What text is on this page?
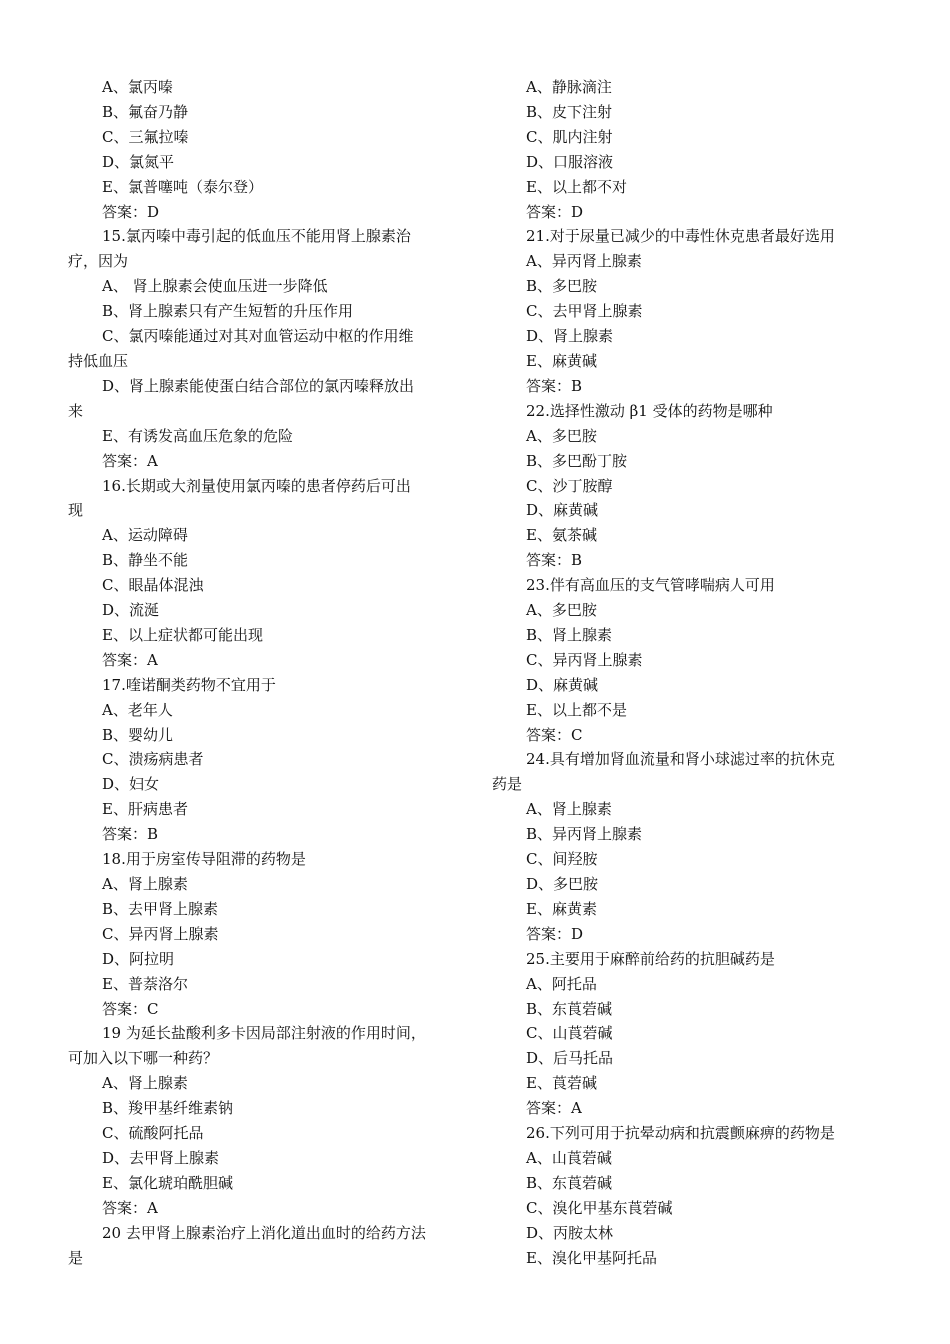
A、氯丙嗪
B、氟奋乃静
C、三氟拉嗪
D、氯氮平
E、氯普噻吨（泰尔登）
答案：D
15.氯丙嗪中毒引起的低血压不能用肾上腺素治
疗，因为
A、 肾上腺素会使血压进一步降低
B、肾上腺素只有产生短暂的升压作用
C、氯丙嗪能通过对其对血管运动中枢的作用维
持低血压
D、肾上腺素能使蛋白结合部位的氯丙嗪释放出
来
E、有诱发高血压危象的危险
答案：A
16.长期或大剂量使用氯丙嗪的患者停药后可出
现
A、运动障碍
B、静坐不能
C、眼晶体混浊
D、流涎
E、以上症状都可能出现
答案：A
17.喹诺酮类药物不宜用于
A、老年人
B、婴幼儿
C、溃疡病患者
D、妇女
E、肝病患者
答案：B
18.用于房室传导阻滞的药物是
A、肾上腺素
B、去甲肾上腺素
C、异丙肾上腺素
D、阿拉明
E、普萘洛尔
答案：C
19 为延长盐酸利多卡因局部注射液的作用时间，
可加入以下哪一种药？
A、肾上腺素
B、羧甲基纤维素钠
C、硫酸阿托品
D、去甲肾上腺素
E、氯化琥珀酰胆碱
答案：A
20 去甲肾上腺素治疗上消化道出血时的给药方法
是
A、静脉滴注
B、皮下注射
C、肌内注射
D、口服溶液
E、以上都不对
答案：D
21.对于尿量已减少的中毒性休克患者最好选用
A、异丙肾上腺素
B、多巴胺
C、去甲肾上腺素
D、肾上腺素
E、麻黄碱
答案：B
22.选择性激动 β1 受体的药物是哪种
A、多巴胺
B、多巴酚丁胺
C、沙丁胺醇
D、麻黄碱
E、氨茶碱
答案：B
23.伴有高血压的支气管哮喘病人可用
A、多巴胺
B、肾上腺素
C、异丙肾上腺素
D、麻黄碱
E、以上都不是
答案：C
24.具有增加肾血流量和肾小球滤过率的抗休克
药是
A、肾上腺素
B、异丙肾上腺素
C、间羟胺
D、多巴胺
E、麻黄素
答案：D
25.主要用于麻醉前给药的抗胆碱药是
A、阿托品
B、东莨菪碱
C、山莨菪碱
D、后马托品
E、莨菪碱
答案：A
26.下列可用于抗晕动病和抗震颤麻痹的药物是
A、山莨菪碱
B、东莨菪碱
C、溴化甲基东莨菪碱
D、丙胺太林
E、溴化甲基阿托品
